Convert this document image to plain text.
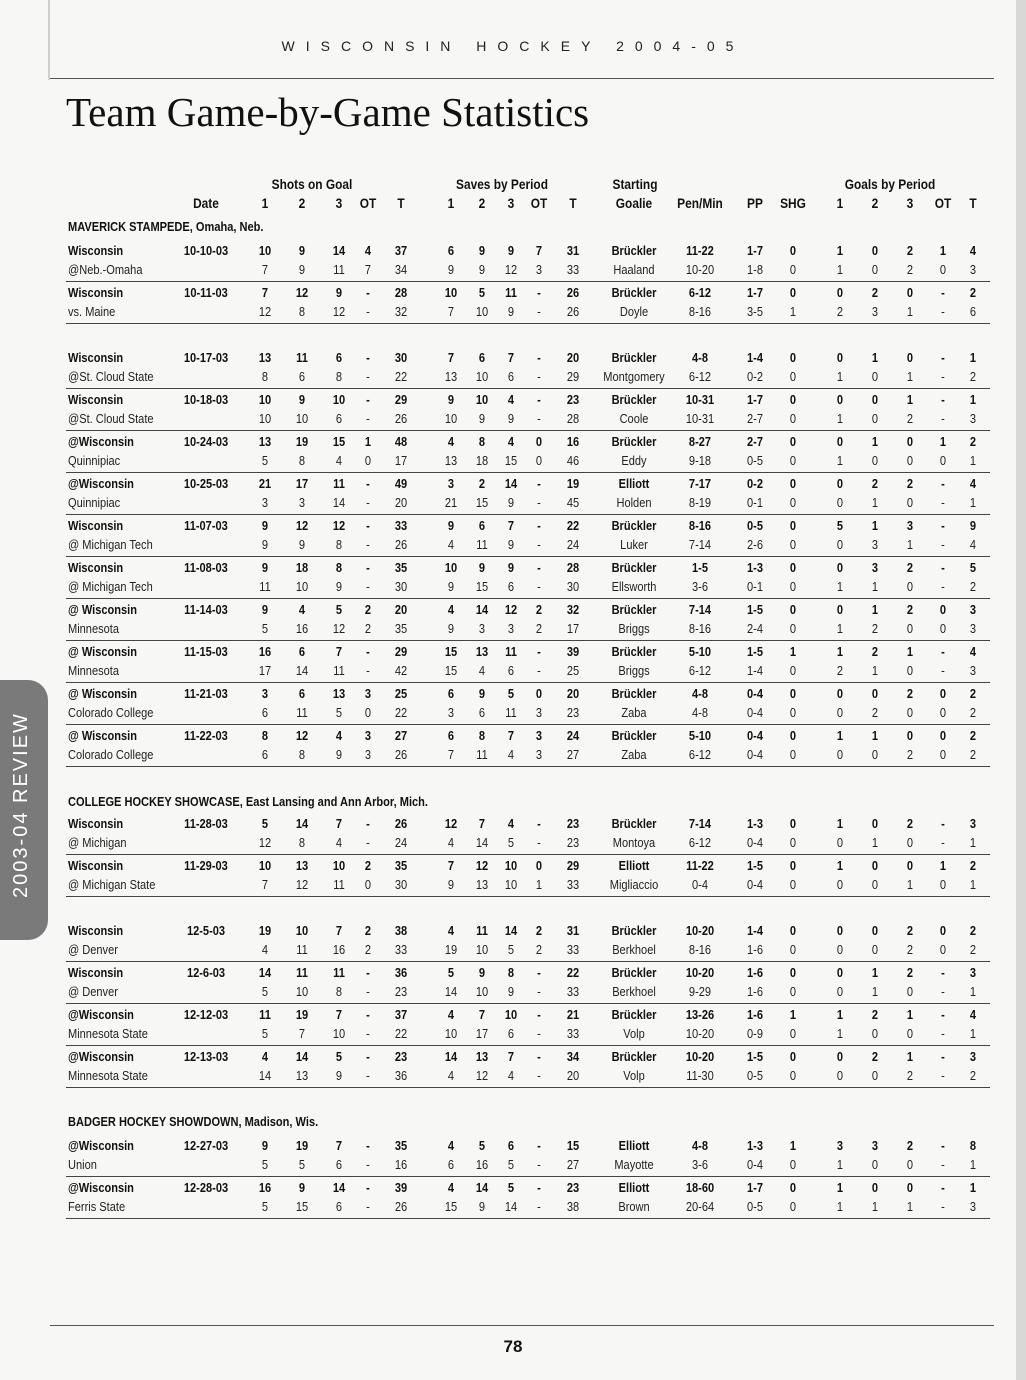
WISCONSIN HOCKEY 2004-05
Team Game-by-Game Statistics
2003-04 REVIEW
Shots on Goal	Saves by Period	Starting	Goals by Period
Date	1	2	3	OT	T	1	2	3	OT	T	Goalie	Pen/Min	PP	SHG	1	2	3	OT	T
MAVERICK STAMPEDE, Omaha, Neb.
COLLEGE HOCKEY SHOWCASE, East Lansing and Ann Arbor, Mich.
BADGER HOCKEY SHOWDOWN, Madison, Wis.
Wisconsin	10-10-03	10	9	14	4	37	6	9	9	7	31	Brückler	11-22	1-7	0	1	0	2	1	4
@Neb.-Omaha	7	9	11	7	34	9	9	12	3	33	Haaland	10-20	1-8	0	1	0	2	0	3
Wisconsin	10-11-03	7	12	9	-	28	10	5	11	-	26	Brückler	6-12	1-7	0	0	2	0	-	2
vs. Maine	12	8	12	-	32	7	10	9	-	26	Doyle	8-16	3-5	1	2	3	1	-	6
Wisconsin	10-17-03	13	11	6	-	30	7	6	7	-	20	Brückler	4-8	1-4	0	0	1	0	-	1
@St. Cloud State	8	6	8	-	22	13	10	6	-	29	Montgomery	6-12	0-2	0	1	0	1	-	2
Wisconsin	10-18-03	10	9	10	-	29	9	10	4	-	23	Brückler	10-31	1-7	0	0	0	1	-	1
@St. Cloud State	10	10	6	-	26	10	9	9	-	28	Coole	10-31	2-7	0	1	0	2	-	3
@Wisconsin	10-24-03	13	19	15	1	48	4	8	4	0	16	Brückler	8-27	2-7	0	0	1	0	1	2
Quinnipiac	5	8	4	0	17	13	18	15	0	46	Eddy	9-18	0-5	0	1	0	0	0	1
@Wisconsin	10-25-03	21	17	11	-	49	3	2	14	-	19	Elliott	7-17	0-2	0	0	2	2	-	4
Quinnipiac	3	3	14	-	20	21	15	9	-	45	Holden	8-19	0-1	0	0	1	0	-	1
Wisconsin	11-07-03	9	12	12	-	33	9	6	7	-	22	Brückler	8-16	0-5	0	5	1	3	-	9
@ Michigan Tech	9	9	8	-	26	4	11	9	-	24	Luker	7-14	2-6	0	0	3	1	-	4
Wisconsin	11-08-03	9	18	8	-	35	10	9	9	-	28	Brückler	1-5	1-3	0	0	3	2	-	5
@ Michigan Tech	11	10	9	-	30	9	15	6	-	30	Ellsworth	3-6	0-1	0	1	1	0	-	2
@ Wisconsin	11-14-03	9	4	5	2	20	4	14	12	2	32	Brückler	7-14	1-5	0	0	1	2	0	3
Minnesota	5	16	12	2	35	9	3	3	2	17	Briggs	8-16	2-4	0	1	2	0	0	3
@ Wisconsin	11-15-03	16	6	7	-	29	15	13	11	-	39	Brückler	5-10	1-5	1	1	2	1	-	4
Minnesota	17	14	11	-	42	15	4	6	-	25	Briggs	6-12	1-4	0	2	1	0	-	3
@ Wisconsin	11-21-03	3	6	13	3	25	6	9	5	0	20	Brückler	4-8	0-4	0	0	0	2	0	2
Colorado College	6	11	5	0	22	3	6	11	3	23	Zaba	4-8	0-4	0	0	2	0	0	2
@ Wisconsin	11-22-03	8	12	4	3	27	6	8	7	3	24	Brückler	5-10	0-4	0	1	1	0	0	2
Colorado College	6	8	9	3	26	7	11	4	3	27	Zaba	6-12	0-4	0	0	0	2	0	2
Wisconsin	11-28-03	5	14	7	-	26	12	7	4	-	23	Brückler	7-14	1-3	0	1	0	2	-	3
@ Michigan	12	8	4	-	24	4	14	5	-	23	Montoya	6-12	0-4	0	0	1	0	-	1
Wisconsin	11-29-03	10	13	10	2	35	7	12	10	0	29	Elliott	11-22	1-5	0	1	0	0	1	2
@ Michigan State	7	12	11	0	30	9	13	10	1	33	Migliaccio	0-4	0-4	0	0	0	1	0	1
Wisconsin	12-5-03	19	10	7	2	38	4	11	14	2	31	Brückler	10-20	1-4	0	0	0	2	0	2
@ Denver	4	11	16	2	33	19	10	5	2	33	Berkhoel	8-16	1-6	0	0	0	2	0	2
Wisconsin	12-6-03	14	11	11	-	36	5	9	8	-	22	Brückler	10-20	1-6	0	0	1	2	-	3
@ Denver	5	10	8	-	23	14	10	9	-	33	Berkhoel	9-29	1-6	0	0	1	0	-	1
@Wisconsin	12-12-03	11	19	7	-	37	4	7	10	-	21	Brückler	13-26	1-6	1	1	2	1	-	4
Minnesota State	5	7	10	-	22	10	17	6	-	33	Volp	10-20	0-9	0	1	0	0	-	1
@Wisconsin	12-13-03	4	14	5	-	23	14	13	7	-	34	Brückler	10-20	1-5	0	0	2	1	-	3
Minnesota State	14	13	9	-	36	4	12	4	-	20	Volp	11-30	0-5	0	0	0	2	-	2
@Wisconsin	12-27-03	9	19	7	-	35	4	5	6	-	15	Elliott	4-8	1-3	1	3	3	2	-	8
Union	5	5	6	-	16	6	16	5	-	27	Mayotte	3-6	0-4	0	1	0	0	-	1
@Wisconsin	12-28-03	16	9	14	-	39	4	14	5	-	23	Elliott	18-60	1-7	0	1	0	0	-	1
Ferris State	5	15	6	-	26	15	9	14	-	38	Brown	20-64	0-5	0	1	1	1	-	3
78
